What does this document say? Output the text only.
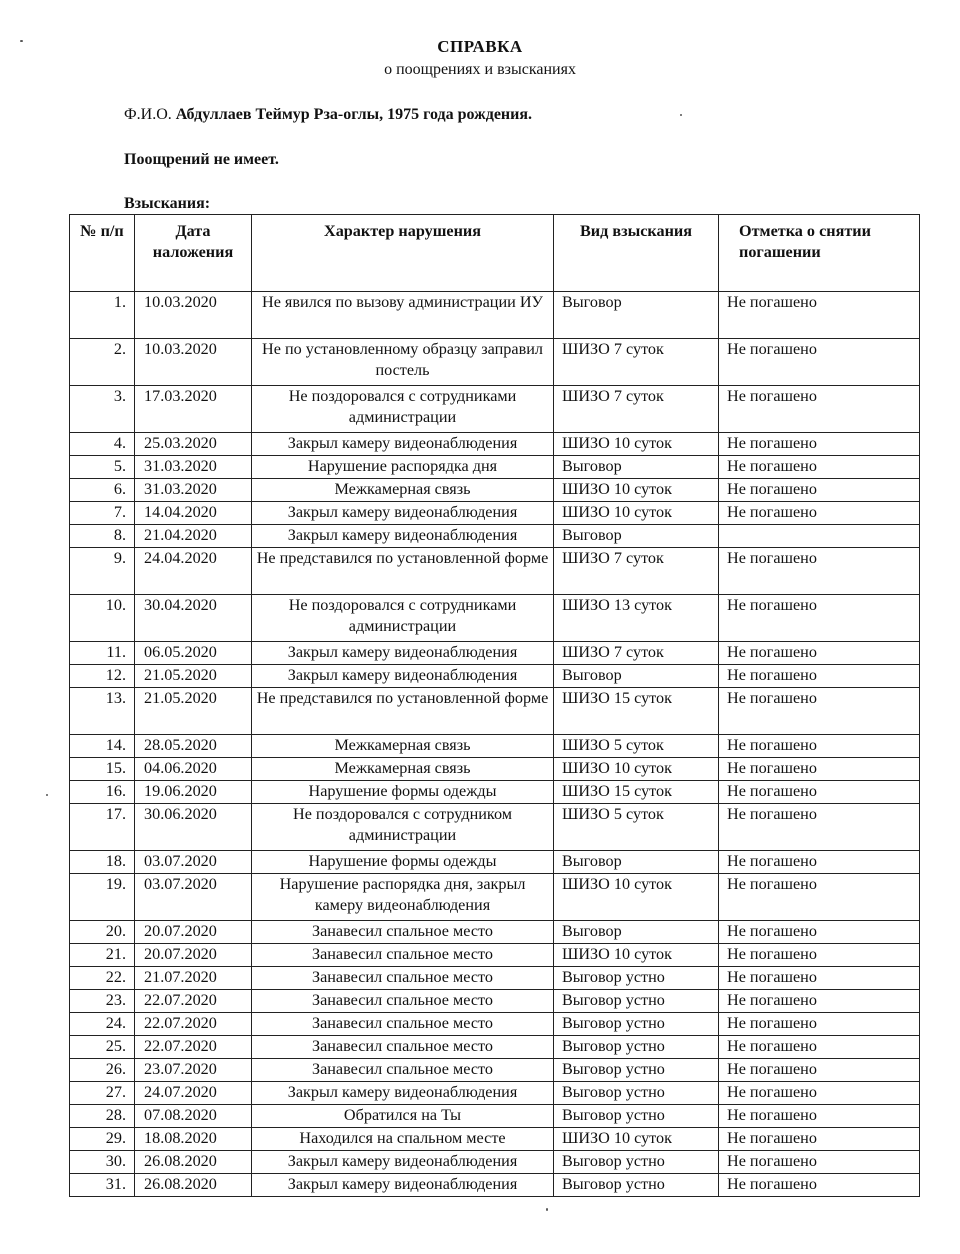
СПРАВКА
о поощрениях и взысканиях
Ф.И.О. Абдуллаев Теймур Рза-оглы, 1975 года рождения.
Поощрений не имеет.
Взыскания:
№ п/п	Дата наложения	Характер нарушения	Вид взыскания	Отметка о снятии погашении
1.	10.03.2020	Не явился по вызову администрации ИУ	Выговор	Не погашено
2.	10.03.2020	Не по установленному образцу заправил постель	ШИЗО 7 суток	Не погашено
3.	17.03.2020	Не поздоровался с сотрудниками администрации	ШИЗО 7 суток	Не погашено
4.	25.03.2020	Закрыл камеру видеонаблюдения	ШИЗО 10 суток	Не погашено
5.	31.03.2020	Нарушение распорядка дня	Выговор	Не погашено
6.	31.03.2020	Межкамерная связь	ШИЗО 10 суток	Не погашено
7.	14.04.2020	Закрыл камеру видеонаблюдения	ШИЗО 10 суток	Не погашено
8.	21.04.2020	Закрыл камеру видеонаблюдения	Выговор	
9.	24.04.2020	Не представился по установленной форме	ШИЗО 7 суток	Не погашено
10.	30.04.2020	Не поздоровался с сотрудниками администрации	ШИЗО 13 суток	Не погашено
11.	06.05.2020	Закрыл камеру видеонаблюдения	ШИЗО 7 суток	Не погашено
12.	21.05.2020	Закрыл камеру видеонаблюдения	Выговор	Не погашено
13.	21.05.2020	Не представился по установленной форме	ШИЗО 15 суток	Не погашено
14.	28.05.2020	Межкамерная связь	ШИЗО 5 суток	Не погашено
15.	04.06.2020	Межкамерная связь	ШИЗО 10 суток	Не погашено
16.	19.06.2020	Нарушение формы одежды	ШИЗО 15 суток	Не погашено
17.	30.06.2020	Не поздоровался с сотрудником администрации	ШИЗО 5 суток	Не погашено
18.	03.07.2020	Нарушение формы одежды	Выговор	Не погашено
19.	03.07.2020	Нарушение распорядка дня, закрыл камеру видеонаблюдения	ШИЗО 10 суток	Не погашено
20.	20.07.2020	Занавесил спальное место	Выговор	Не погашено
21.	20.07.2020	Занавесил спальное место	ШИЗО 10 суток	Не погашено
22.	21.07.2020	Занавесил спальное место	Выговор устно	Не погашено
23.	22.07.2020	Занавесил спальное место	Выговор устно	Не погашено
24.	22.07.2020	Занавесил спальное место	Выговор устно	Не погашено
25.	22.07.2020	Занавесил спальное место	Выговор устно	Не погашено
26.	23.07.2020	Занавесил спальное место	Выговор устно	Не погашено
27.	24.07.2020	Закрыл камеру видеонаблюдения	Выговор устно	Не погашено
28.	07.08.2020	Обратился на Ты	Выговор устно	Не погашено
29.	18.08.2020	Находился на спальном месте	ШИЗО 10 суток	Не погашено
30.	26.08.2020	Закрыл камеру видеонаблюдения	Выговор устно	Не погашено
31.	26.08.2020	Закрыл камеру видеонаблюдения	Выговор устно	Не погашено
